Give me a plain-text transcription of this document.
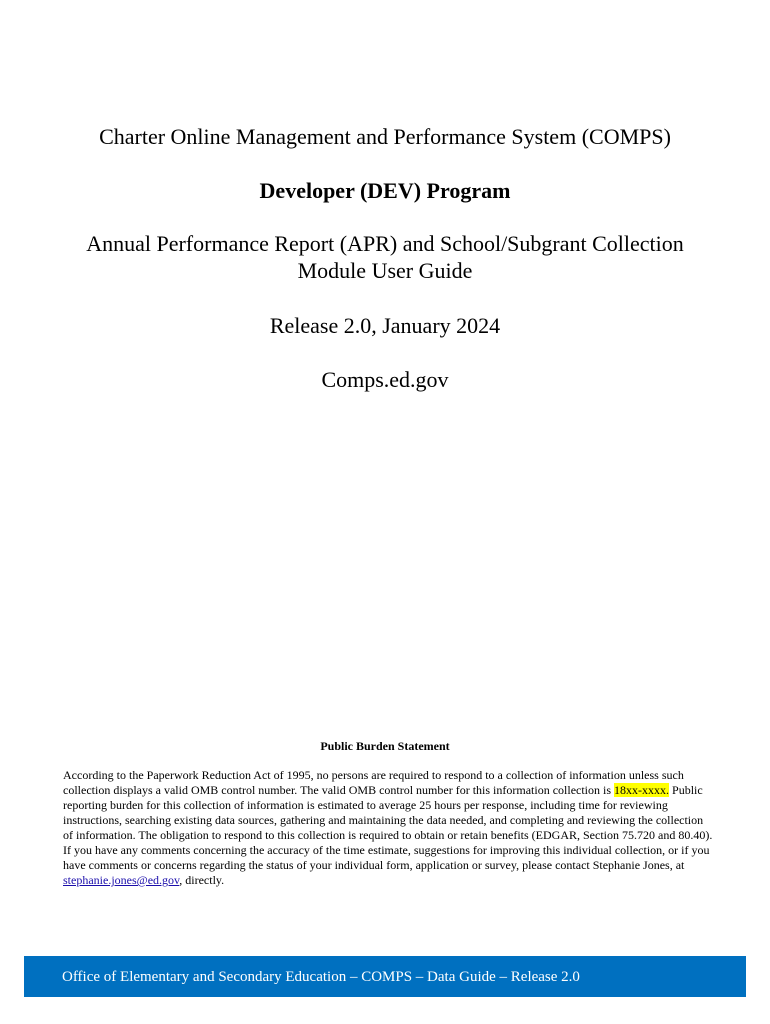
Charter Online Management and Performance System (COMPS)
Developer (DEV) Program
Annual Performance Report (APR) and School/Subgrant Collection Module User Guide
Release 2.0, January 2024
Comps.ed.gov
Public Burden Statement
According to the Paperwork Reduction Act of 1995, no persons are required to respond to a collection of information unless such collection displays a valid OMB control number. The valid OMB control number for this information collection is 18xx-xxxx. Public reporting burden for this collection of information is estimated to average 25 hours per response, including time for reviewing instructions, searching existing data sources, gathering and maintaining the data needed, and completing and reviewing the collection of information. The obligation to respond to this collection is required to obtain or retain benefits (EDGAR, Section 75.720 and 80.40). If you have any comments concerning the accuracy of the time estimate, suggestions for improving this individual collection, or if you have comments or concerns regarding the status of your individual form, application or survey, please contact Stephanie Jones, at stephanie.jones@ed.gov, directly.
Office of Elementary and Secondary Education – COMPS – Data Guide – Release 2.0
